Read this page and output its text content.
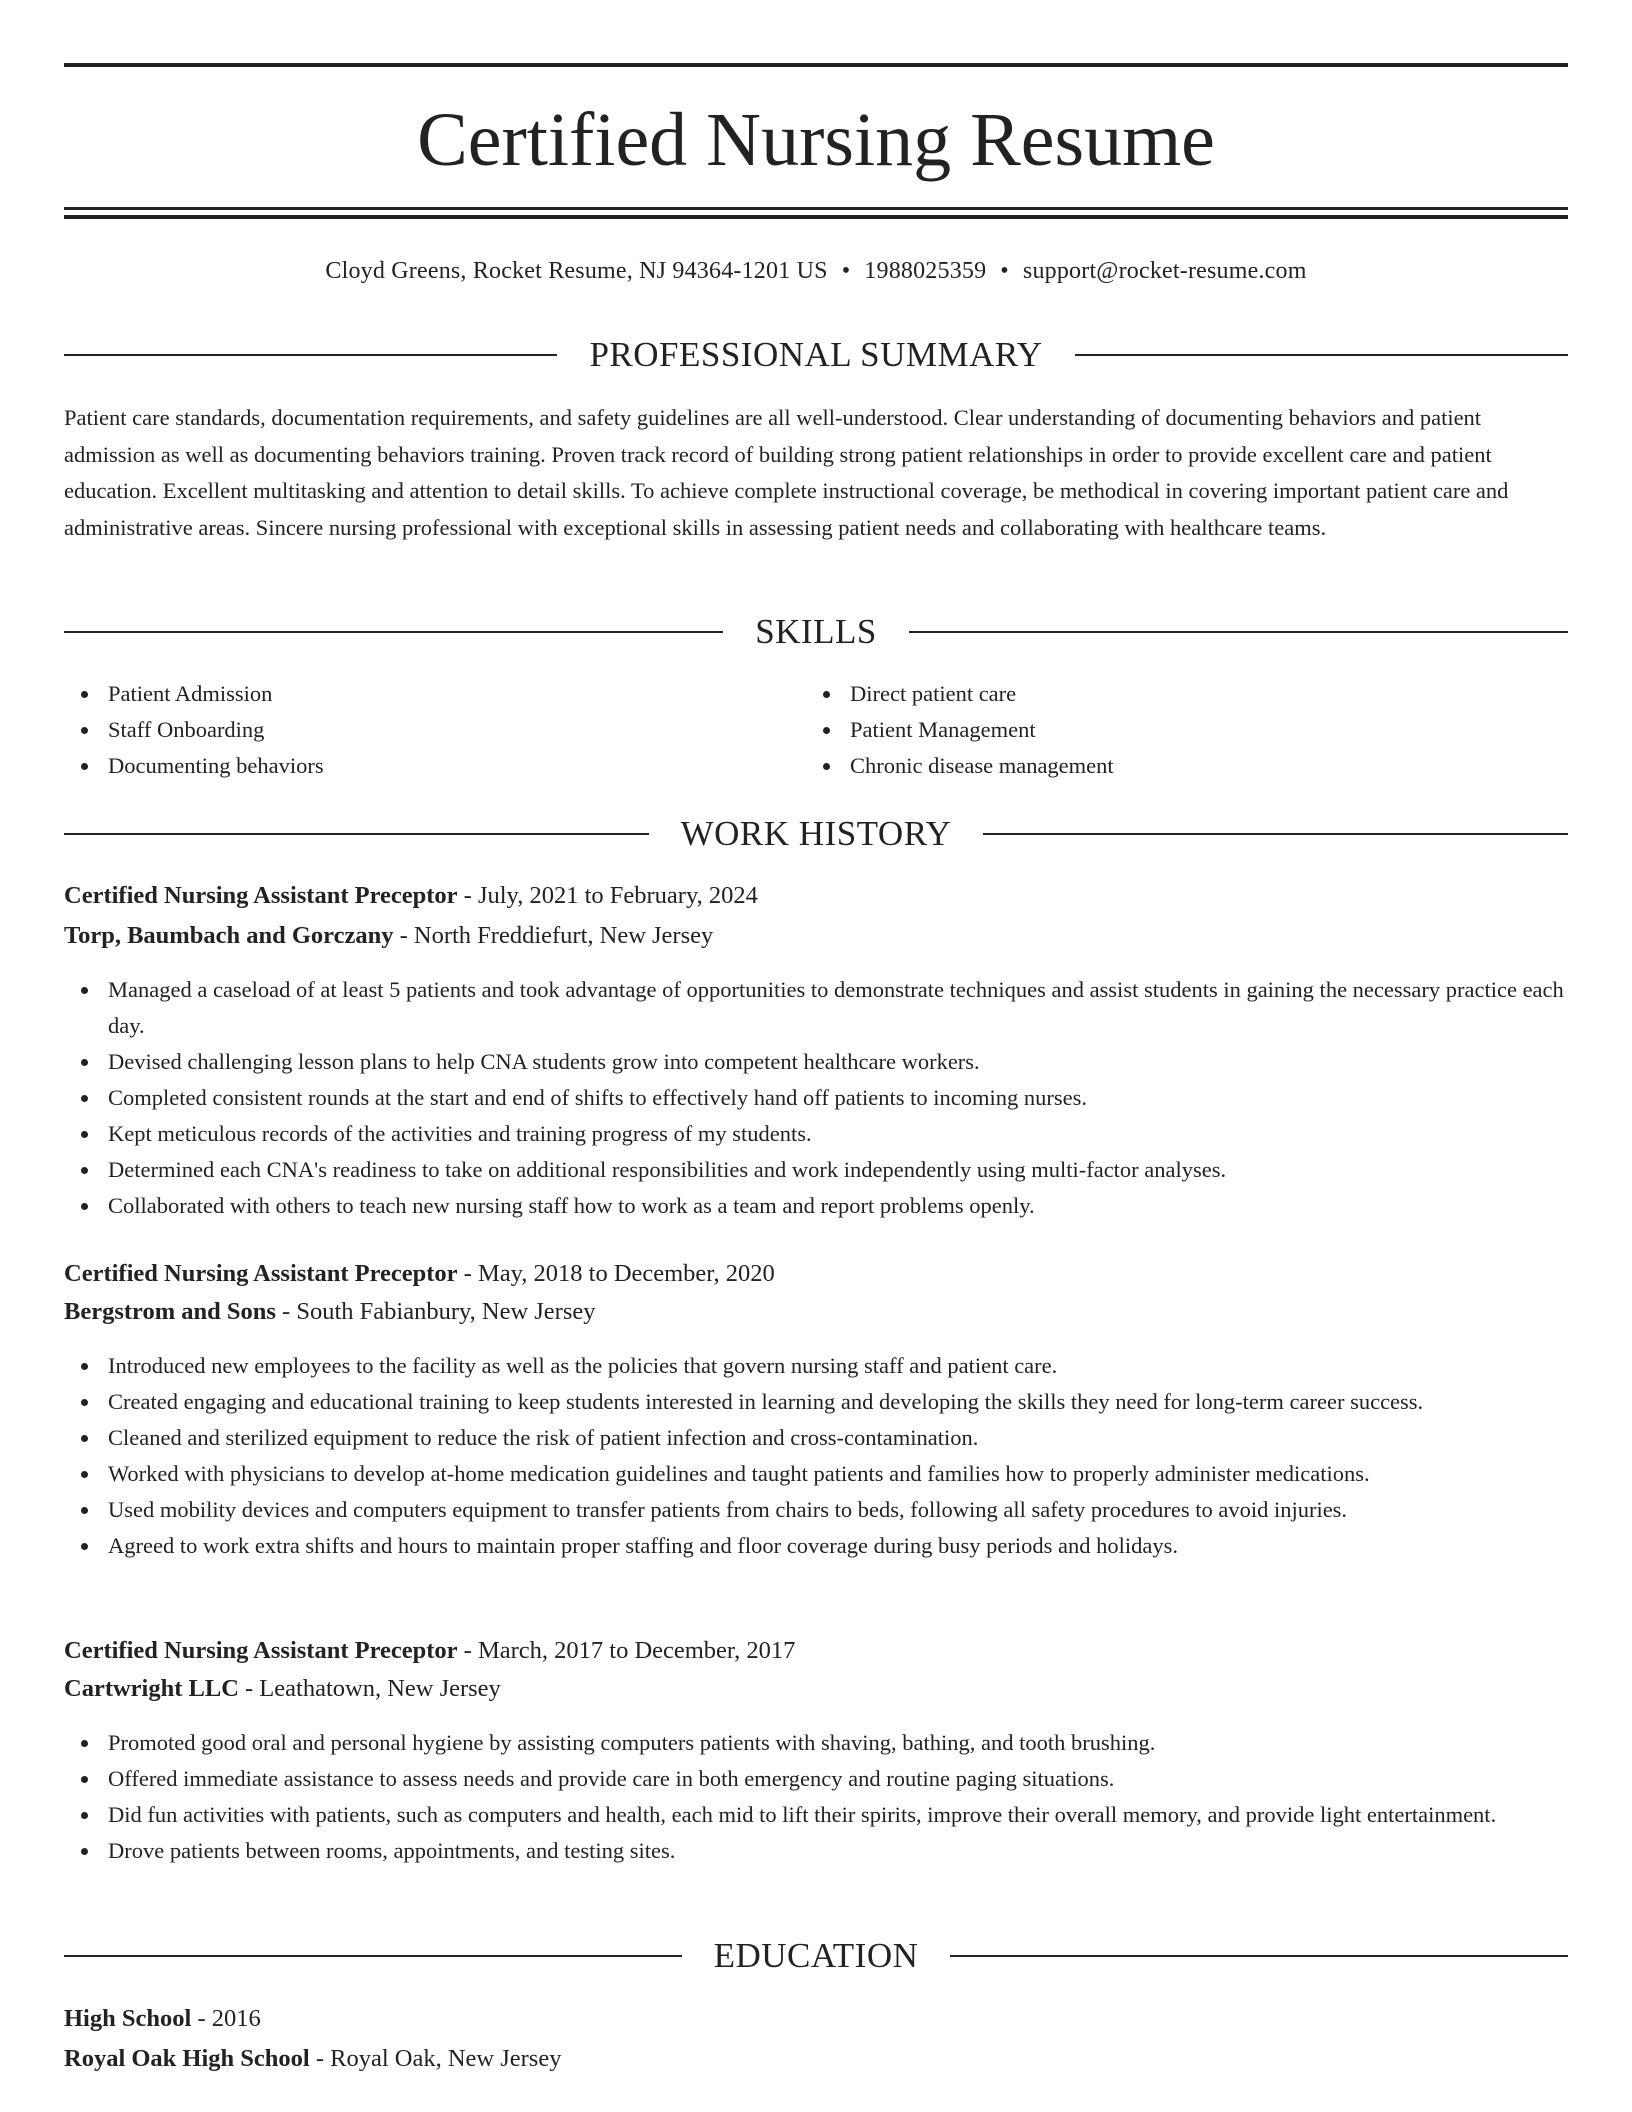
Certified Nursing Resume
Cloyd Greens, Rocket Resume, NJ 94364-1201 US • 1988025359 • support@rocket-resume.com
PROFESSIONAL SUMMARY

Patient care standards, documentation requirements, and safety guidelines are all well-understood. Clear understanding of documenting behaviors and patient admission as well as documenting behaviors training. Proven track record of building strong patient relationships in order to provide excellent care and patient education. Excellent multitasking and attention to detail skills. To achieve complete instructional coverage, be methodical in covering important patient care and administrative areas. Sincere nursing professional with exceptional skills in assessing patient needs and collaborating with healthcare teams.

SKILLS
Patient Admission
Staff Onboarding
Documenting behaviors
Direct patient care
Patient Management
Chronic disease management
WORK HISTORY
Certified Nursing Assistant Preceptor - July, 2021 to February, 2024
Torp, Baumbach and Gorczany - North Freddiefurt, New Jersey
Managed a caseload of at least 5 patients and took advantage of opportunities to demonstrate techniques and assist students in gaining the necessary practice each day.
Devised challenging lesson plans to help CNA students grow into competent healthcare workers.
Completed consistent rounds at the start and end of shifts to effectively hand off patients to incoming nurses.
Kept meticulous records of the activities and training progress of my students.
Determined each CNA's readiness to take on additional responsibilities and work independently using multi-factor analyses.
Collaborated with others to teach new nursing staff how to work as a team and report problems openly.
Certified Nursing Assistant Preceptor - May, 2018 to December, 2020
Bergstrom and Sons - South Fabianbury, New Jersey
Introduced new employees to the facility as well as the policies that govern nursing staff and patient care.
Created engaging and educational training to keep students interested in learning and developing the skills they need for long-term career success.
Cleaned and sterilized equipment to reduce the risk of patient infection and cross-contamination.
Worked with physicians to develop at-home medication guidelines and taught patients and families how to properly administer medications.
Used mobility devices and computers equipment to transfer patients from chairs to beds, following all safety procedures to avoid injuries.
Agreed to work extra shifts and hours to maintain proper staffing and floor coverage during busy periods and holidays.
Certified Nursing Assistant Preceptor - March, 2017 to December, 2017
Cartwright LLC - Leathatown, New Jersey
Promoted good oral and personal hygiene by assisting computers patients with shaving, bathing, and tooth brushing.
Offered immediate assistance to assess needs and provide care in both emergency and routine paging situations.
Did fun activities with patients, such as computers and health, each mid to lift their spirits, improve their overall memory, and provide light entertainment.
Drove patients between rooms, appointments, and testing sites.
EDUCATION
High School - 2016
Royal Oak High School - Royal Oak, New Jersey
